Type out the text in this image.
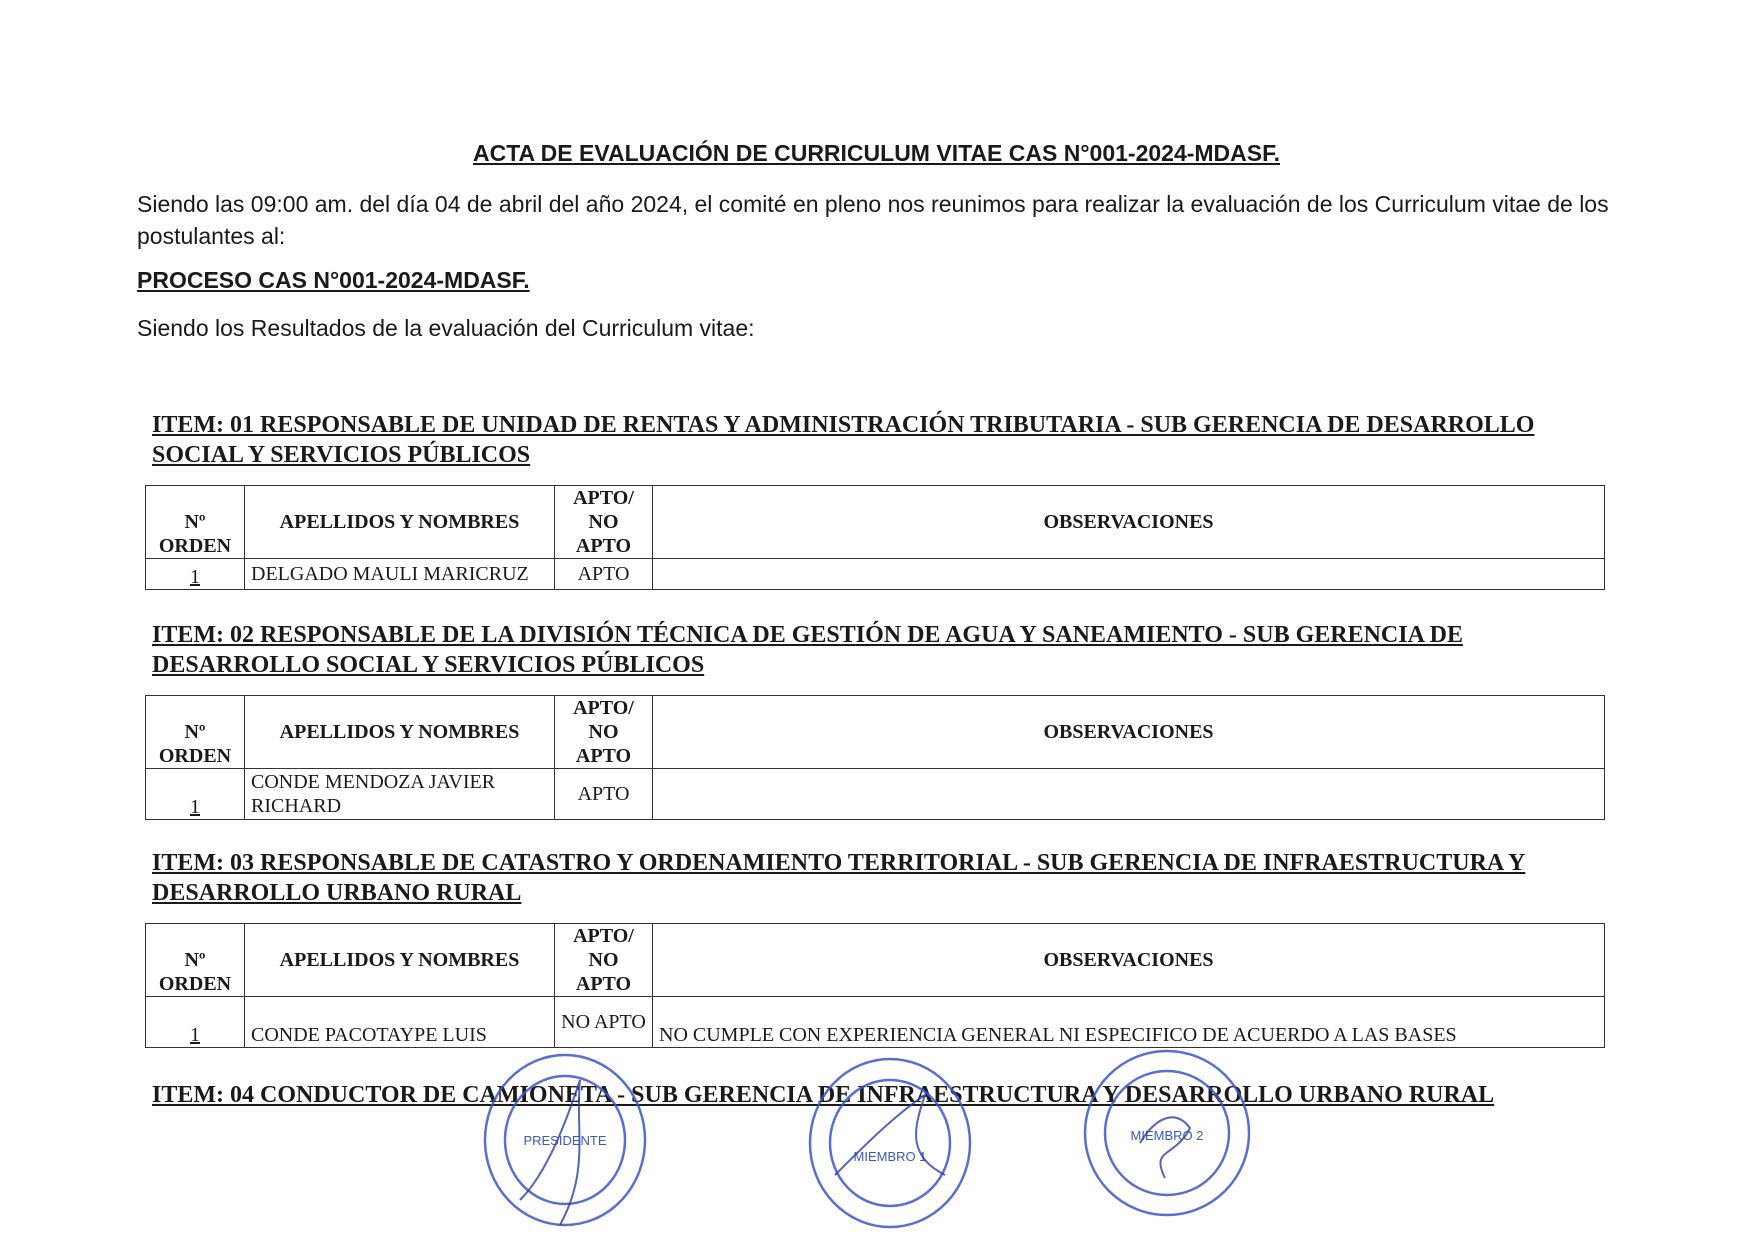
ACTA DE EVALUACIÓN DE CURRICULUM VITAE CAS N°001-2024-MDASF.
Siendo las 09:00 am. del día 04 de abril del año 2024, el comité en pleno nos reunimos para realizar la evaluación de los Curriculum vitae de los postulantes al:
PROCESO CAS N°001-2024-MDASF.
Siendo los Resultados de la evaluación del Curriculum vitae:
ITEM: 01 RESPONSABLE DE UNIDAD DE RENTAS Y ADMINISTRACIÓN TRIBUTARIA - SUB GERENCIA DE DESARROLLO SOCIAL Y SERVICIOS PÚBLICOS
Nº ORDEN	APELLIDOS Y NOMBRES	APTO/ NO APTO	OBSERVACIONES
1	DELGADO MAULI MARICRUZ	APTO	
ITEM: 02 RESPONSABLE DE LA DIVISIÓN TÉCNICA DE GESTIÓN DE AGUA Y SANEAMIENTO - SUB GERENCIA DE DESARROLLO SOCIAL Y SERVICIOS PÚBLICOS
Nº ORDEN	APELLIDOS Y NOMBRES	APTO/ NO APTO	OBSERVACIONES
1	CONDE MENDOZA JAVIER RICHARD	APTO	
ITEM: 03 RESPONSABLE DE CATASTRO Y ORDENAMIENTO TERRITORIAL - SUB GERENCIA DE INFRAESTRUCTURA Y DESARROLLO URBANO RURAL
Nº ORDEN	APELLIDOS Y NOMBRES	APTO/ NO APTO	OBSERVACIONES
1	CONDE PACOTAYPE LUIS	NO APTO	NO CUMPLE CON EXPERIENCIA GENERAL NI ESPECIFICO DE ACUERDO A LAS BASES
ITEM: 04 CONDUCTOR DE CAMIONETA - SUB GERENCIA DE INFRAESTRUCTURA Y DESARROLLO URBANO RURAL
PRESIDENTE
MIEMBRO 1
MIEMBRO 2
